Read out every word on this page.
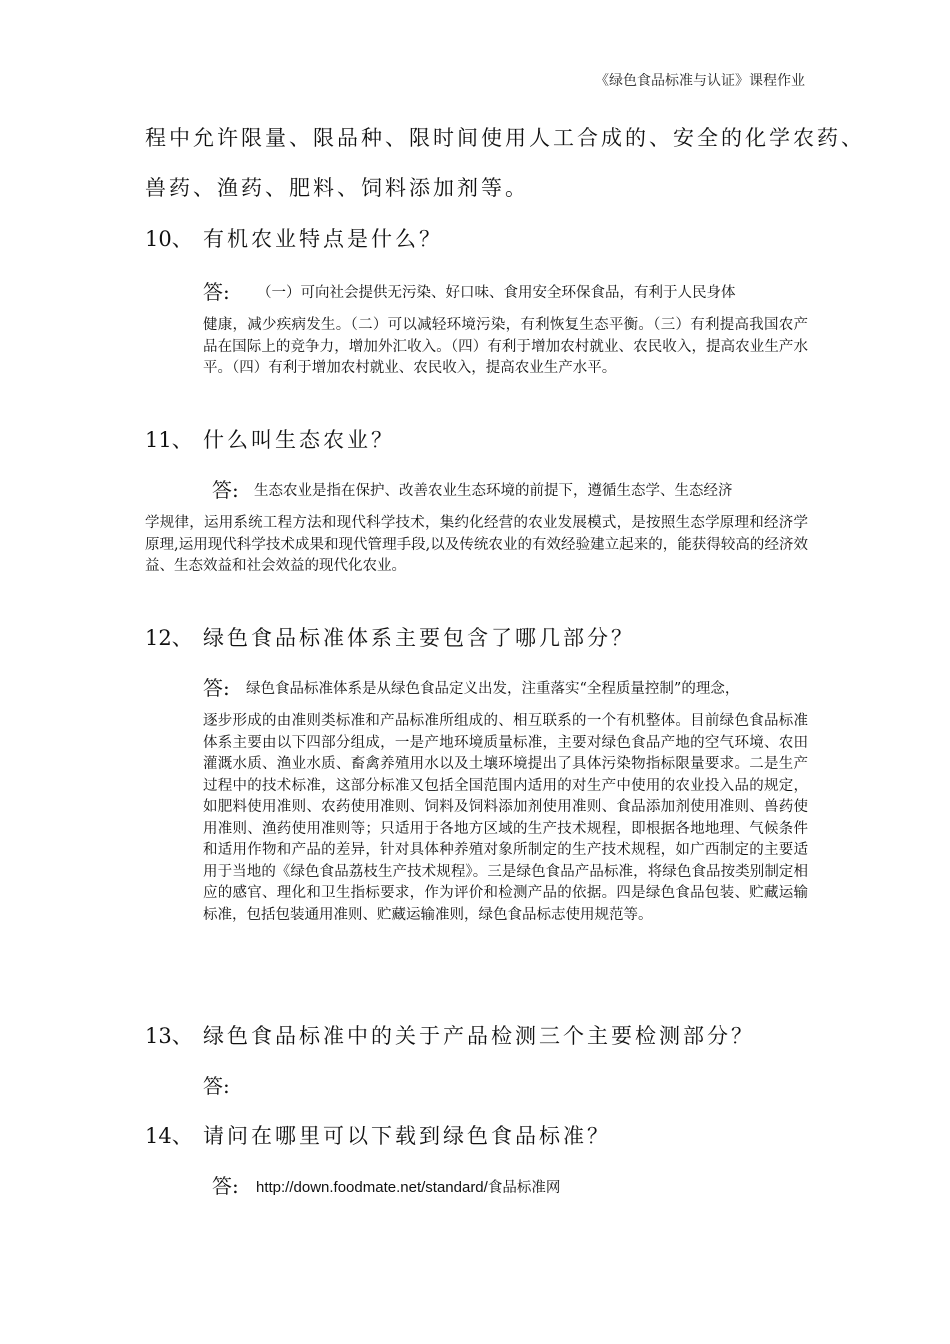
《绿色食品标准与认证》课程作业
程中允许限量、限品种、限时间使用人工合成的、安全的化学农药、
兽药、渔药、肥料、饲料添加剂等。
10、 有机农业特点是什么？
答: （一）可向社会提供无污染、好口味、食用安全环保食品，有利于人民身体
健康，减少疾病发生。（二）可以减轻环境污染，有利恢复生态平衡。（三）有利提高我国农产品在国际上的竞争力，增加外汇收入。（四）有利于增加农村就业、农民收入，提高农业生产水平。（四）有利于增加农村就业、农民收入，提高农业生产水平。
11、 什么叫生态农业？
答: 生态农业是指在保护、改善农业生态环境的前提下，遵循生态学、生态经济
学规律，运用系统工程方法和现代科学技术，集约化经营的农业发展模式，是按照生态学原理和经济学原理,运用现代科学技术成果和现代管理手段,以及传统农业的有效经验建立起来的，能获得较高的经济效益、生态效益和社会效益的现代化农业。
12、 绿色食品标准体系主要包含了哪几部分？
答: 绿色食品标准体系是从绿色食品定义出发，注重落实“全程质量控制”的理念，
逐步形成的由准则类标准和产品标准所组成的、相互联系的一个有机整体。目前绿色食品标准体系主要由以下四部分组成，一是产地环境质量标准，主要对绿色食品产地的空气环境、农田灌溉水质、渔业水质、畜禽养殖用水以及土壤环境提出了具体污染物指标限量要求。二是生产过程中的技术标准，这部分标准又包括全国范围内适用的对生产中使用的农业投入品的规定，如肥料使用准则、农药使用准则、饲料及饲料添加剂使用准则、食品添加剂使用准则、兽药使用准则、渔药使用准则等；只适用于各地方区域的生产技术规程，即根据各地地理、气候条件和适用作物和产品的差异，针对具体种养殖对象所制定的生产技术规程，如广西制定的主要适用于当地的《绿色食品荔枝生产技术规程》。三是绿色食品产品标准，将绿色食品按类别制定相应的感官、理化和卫生指标要求，作为评价和检测产品的依据。四是绿色食品包装、贮藏运输标准，包括包装通用准则、贮藏运输准则，绿色食品标志使用规范等。
13、 绿色食品标准中的关于产品检测三个主要检测部分？
答:
14、 请问在哪里可以下载到绿色食品标准？
答: http://down.foodmate.net/standard/食品标准网
